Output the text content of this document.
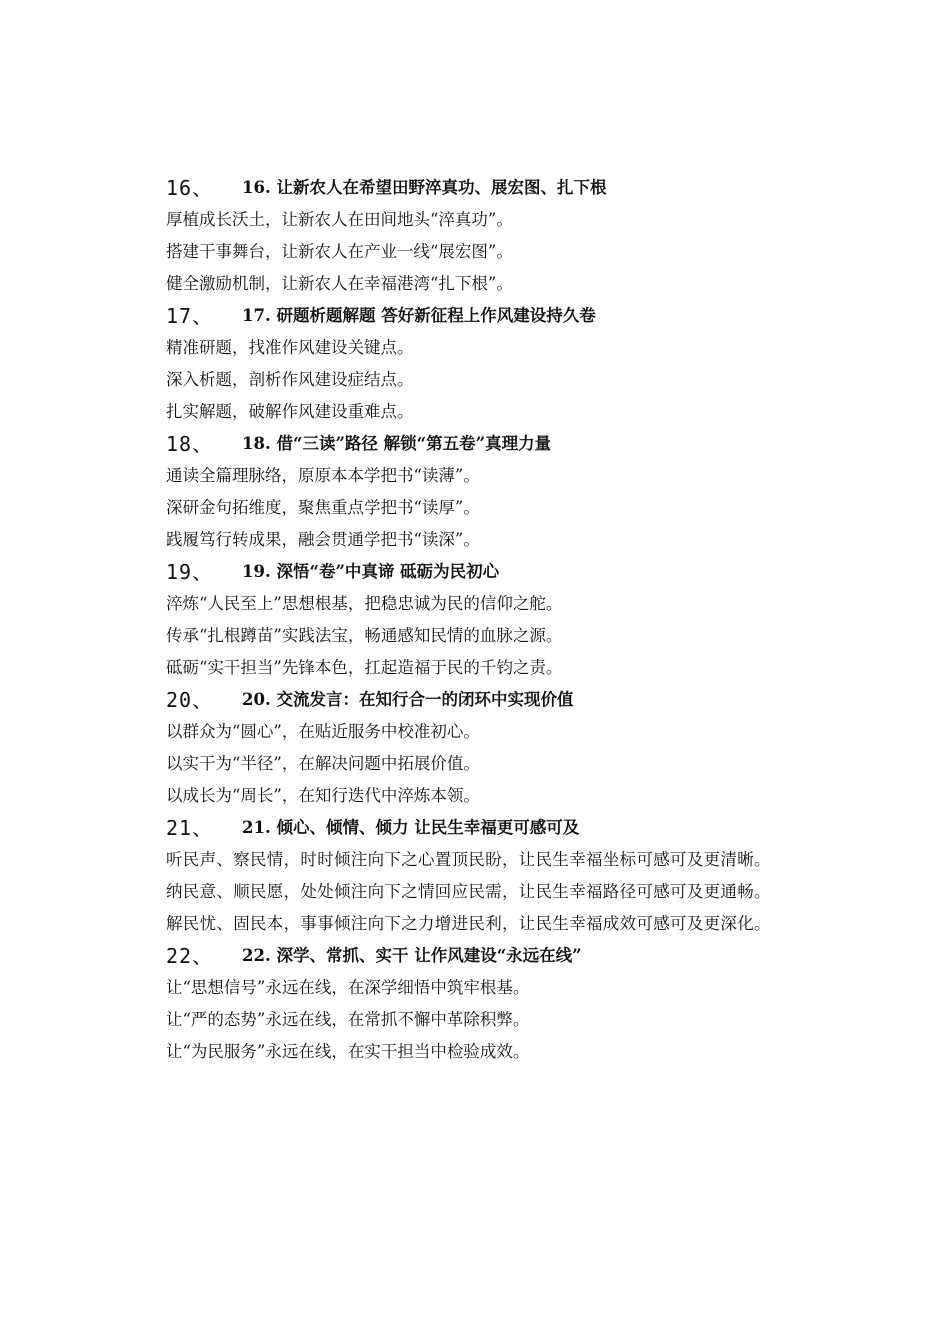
16、 16. 让新农人在希望田野淬真功、展宏图、扎下根
厚植成长沃土，让新农人在田间地头“淬真功”。
搭建干事舞台，让新农人在产业一线“展宏图”。
健全激励机制，让新农人在幸福港湾“扎下根”。
17、 17. 研题析题解题 答好新征程上作风建设持久卷
精准研题，找准作风建设关键点。
深入析题，剖析作风建设症结点。
扎实解题，破解作风建设重难点。
18、 18. 借“三读”路径 解锁“第五卷”真理力量
通读全篇理脉络，原原本本学把书“读薄”。
深研金句拓维度，聚焦重点学把书“读厚”。
践履笃行转成果，融会贯通学把书“读深”。
19、 19. 深悟“卷”中真谛 砥砺为民初心
淬炼“人民至上”思想根基，把稳忠诚为民的信仰之舵。
传承“扎根蹲苗”实践法宝，畅通感知民情的血脉之源。
砥砺“实干担当”先锋本色，扛起造福于民的千钧之责。
20、 20. 交流发言：在知行合一的闭环中实现价值
以群众为“圆心”，在贴近服务中校准初心。
以实干为“半径”，在解决问题中拓展价值。
以成长为“周长”，在知行迭代中淬炼本领。
21、 21. 倾心、倾情、倾力 让民生幸福更可感可及
听民声、察民情，时时倾注向下之心置顶民盼，让民生幸福坐标可感可及更清晰。
纳民意、顺民愿，处处倾注向下之情回应民需，让民生幸福路径可感可及更通畅。
解民忧、固民本，事事倾注向下之力增进民利，让民生幸福成效可感可及更深化。
22、 22. 深学、常抓、实干 让作风建设“永远在线”
让“思想信号”永远在线，在深学细悟中筑牢根基。
让“严的态势”永远在线，在常抓不懈中革除积弊。
让“为民服务”永远在线，在实干担当中检验成效。
